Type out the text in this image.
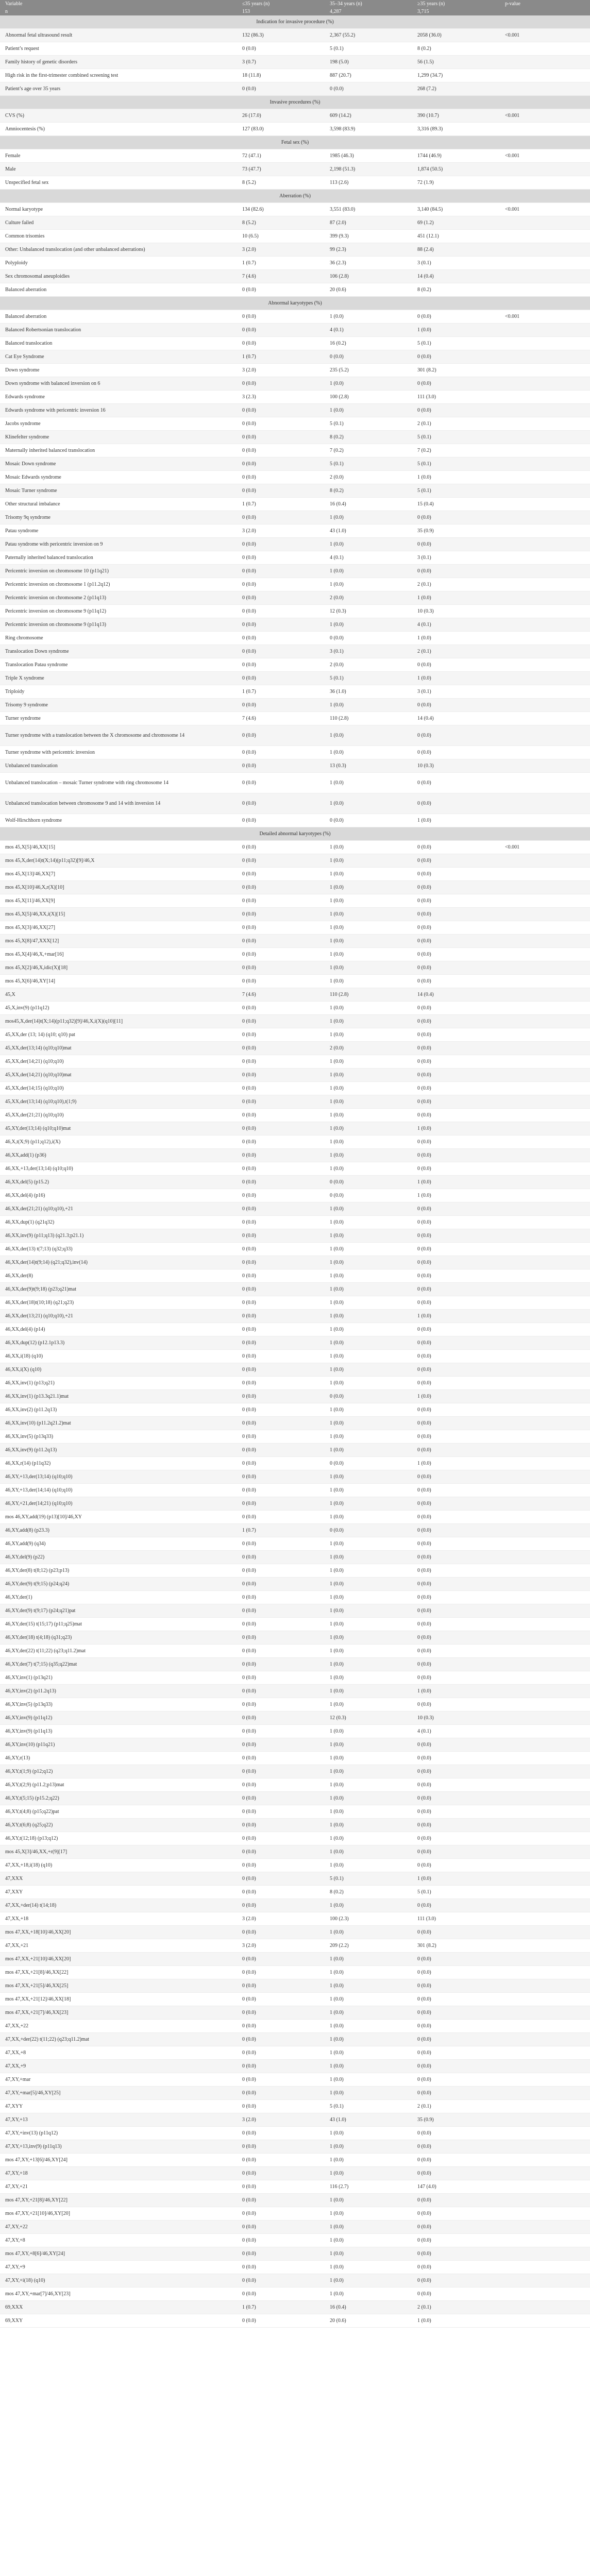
Variable	≤35 years (n)	35–34 years (n)	≥35 years (n)	p-value
n	153	4,287	3,715	
Indication for invasive procedure (%)				
Abnormal fetal ultrasound result	132 (86.3)	2,367 (55.2)	2058 (36.0)	<0.001
Patient’s request	0 (0.0)	5 (0.1)	8 (0.2)	
Family history of genetic disorders	3 (0.7)	198 (5.0)	56 (1.5)	
High risk in the first-trimester combined screening test	18 (11.8)	887 (20.7)	1,299 (34.7)	
Patient’s age over 35 years	0 (0.0)	0 (0.0)	268 (7.2)	
Invasive procedures (%)				
CVS (%)	26 (17.0)	609 (14.2)	390 (10.7)	<0.001
Amniocentesis (%)	127 (83.0)	3,598 (83.9)	3,316 (89.3)	
Fetal sex (%)				
Female	72 (47.1)	1985 (46.3)	1744 (46.9)	<0.001
Male	73 (47.7)	2,198 (51.3)	1,874 (50.5)	
Unspecified fetal sex	8 (5.2)	113 (2.6)	72 (1.9)	
Aberration (%)				
Normal karyotype	134 (82.6)	3,551 (83.0)	3,140 (84.5)	<0.001
Culture failed	8 (5.2)	87 (2.0)	69 (1.2)	
Common trisomies	10 (6.5)	399 (9.3)	451 (12.1)	
Other: Unbalanced translocation (and other unbalanced aberrations)	3 (2.0)	99 (2.3)	88 (2.4)	
Polyploidy	1 (0.7)	36 (2.3)	3 (0.1)	
Sex chromosomal aneuploidies	7 (4.6)	106 (2.8)	14 (0.4)	
Balanced aberration	0 (0.0)	20 (0.6)	8 (0.2)	
Abnormal karyotypes (%)				
Balanced aberration	0 (0.0)	1 (0.0)	0 (0.0)	<0.001
Balanced Robertsonian translocation	0 (0.0)	4 (0.1)	1 (0.0)	
Balanced translocation	0 (0.0)	16 (0.2)	5 (0.1)	
Cat Eye Syndrome	1 (0.7)	0 (0.0)	0 (0.0)	
Down syndrome	3 (2.0)	235 (5.2)	301 (8.2)	
Down syndrome with balanced inversion on 6	0 (0.0)	1 (0.0)	0 (0.0)	
Edwards syndrome	3 (2.3)	100 (2.8)	111 (3.0)	
Edwards syndrome with pericentric inversion 16	0 (0.0)	1 (0.0)	0 (0.0)	
Jacobs syndrome	0 (0.0)	5 (0.1)	2 (0.1)	
Klinefelter syndrome	0 (0.0)	8 (0.2)	5 (0.1)	
Maternally inherited balanced translocation	0 (0.0)	7 (0.2)	7 (0.2)	
Mosaic Down syndrome	0 (0.0)	5 (0.1)	5 (0.1)	
Mosaic Edwards syndrome	0 (0.0)	2 (0.0)	1 (0.0)	
Mosaic Turner syndrome	0 (0.0)	8 (0.2)	5 (0.1)	
Other structural imbalance	1 (0.7)	16 (0.4)	15 (0.4)	
Trisomy 9q syndrome	0 (0.0)	1 (0.0)	0 (0.0)	
Patau syndrome	3 (2.0)	43 (1.0)	35 (0.9)	
Patau syndrome with pericentric inversion on 9	0 (0.0)	1 (0.0)	0 (0.0)	
Paternally inherited balanced translocation	0 (0.0)	4 (0.1)	3 (0.1)	
Pericentric inversion on chromosome 10 (p11q21)	0 (0.0)	1 (0.0)	0 (0.0)	
Pericentric inversion on chromosome 1 (p11.2q12)	0 (0.0)	1 (0.0)	2 (0.1)	
Pericentric inversion on chromosome 2 (p11q13)	0 (0.0)	2 (0.0)	1 (0.0)	
Pericentric inversion on chromosome 9 (p11q12)	0 (0.0)	12 (0.3)	10 (0.3)	
Pericentric inversion on chromosome 9 (p11q13)	0 (0.0)	1 (0.0)	4 (0.1)	
Ring chromosome	0 (0.0)	0 (0.0)	1 (0.0)	
Translocation Down syndrome	0 (0.0)	3 (0.1)	2 (0.1)	
Translocation Patau syndrome	0 (0.0)	2 (0.0)	0 (0.0)	
Triple X syndrome	0 (0.0)	5 (0.1)	1 (0.0)	
Triploidy	1 (0.7)	36 (1.0)	3 (0.1)	
Trisomy 9 syndrome	0 (0.0)	1 (0.0)	0 (0.0)	
Turner syndrome	7 (4.6)	110 (2.8)	14 (0.4)	
Turner syndrome with a translocation between the X chromosome and chromosome 14	0 (0.0)	1 (0.0)	0 (0.0)	
Turner syndrome with pericentric inversion	0 (0.0)	1 (0.0)	0 (0.0)	
Unbalanced translocation	0 (0.0)	13 (0.3)	10 (0.3)	
Unbalanced translocation – mosaic Turner syndrome with ring chromosome 14	0 (0.0)	1 (0.0)	0 (0.0)	
Unbalanced translocation between chromosome 9 and 14 with inversion 14	0 (0.0)	1 (0.0)	0 (0.0)	
Wolf-Hirschhorn syndrome	0 (0.0)	0 (0.0)	1 (0.0)	
Detailed abnormal karyotypes (%)				
mos 45,X[5]/46,XX[15]	0 (0.0)	1 (0.0)	0 (0.0)	<0.001
mos 45,X,der(14)t(X;14)(p11;q32)[9]/46,X	0 (0.0)	1 (0.0)	0 (0.0)	
mos 45,X[13]/46,XX[7]	0 (0.0)	1 (0.0)	0 (0.0)	
mos 45,X[10]/46,X,r(X)[10]	0 (0.0)	1 (0.0)	0 (0.0)	
mos 45,X[11]/46,XX[9]	0 (0.0)	1 (0.0)	0 (0.0)	
mos 45,X[5]/46,XX,i(X)[15]	0 (0.0)	1 (0.0)	0 (0.0)	
mos 45,X[3]/46,XX[27]	0 (0.0)	1 (0.0)	0 (0.0)	
mos 45,X[8]/47,XXX[12]	0 (0.0)	1 (0.0)	0 (0.0)	
mos 45,X[4]/46,X,+mar[16]	0 (0.0)	1 (0.0)	0 (0.0)	
mos 45,X[2]/46,X,idic(X)[18]	0 (0.0)	1 (0.0)	0 (0.0)	
mos 45,X[6]/46,XY[14]	0 (0.0)	1 (0.0)	0 (0.0)	
45,X	7 (4.6)	110 (2.8)	14 (0.4)	
45,X,inv(9) (p11q12)	0 (0.0)	1 (0.0)	0 (0.0)	
mos45,X,der(14)t(X;14)(p11;q32)[9]/46,X,i(X)(q10)[11]	0 (0.0)	1 (0.0)	0 (0.0)	
45,XX,der (13; 14) (q10; q10) pat	0 (0.0)	1 (0.0)	0 (0.0)	
45,XX,der(13;14) (q10;q10)mat	0 (0.0)	2 (0.0)	0 (0.0)	
45,XX,der(14;21) (q10;q10)	0 (0.0)	1 (0.0)	0 (0.0)	
45,XX,der(14;21) (q10;q10)mat	0 (0.0)	1 (0.0)	0 (0.0)	
45,XX,der(14;15) (q10;q10)	0 (0.0)	1 (0.0)	0 (0.0)	
45,XX,der(13;14) (q10;q10),t(1;9)	0 (0.0)	1 (0.0)	0 (0.0)	
45,XX,der(21;21) (q10;q10)	0 (0.0)	1 (0.0)	0 (0.0)	
45,XY,der(13;14) (q10;q10)mat	0 (0.0)	1 (0.0)	1 (0.0)	
46,X,t(X;9) (p11;q12),i(X)	0 (0.0)	1 (0.0)	0 (0.0)	
46,XX,add(1) (p36)	0 (0.0)	1 (0.0)	0 (0.0)	
46,XX,+13,der(13;14) (q10;q10)	0 (0.0)	1 (0.0)	0 (0.0)	
46,XX,del(5) (p15.2)	0 (0.0)	0 (0.0)	1 (0.0)	
46,XX,del(4) (p16)	0 (0.0)	0 (0.0)	1 (0.0)	
46,XX,der(21;21) (q10;q10),+21	0 (0.0)	1 (0.0)	0 (0.0)	
46,XX,dup(1) (q21q32)	0 (0.0)	1 (0.0)	0 (0.0)	
46,XX,inv(9) (p11;q13) (q21.3;p21.1)	0 (0.0)	1 (0.0)	0 (0.0)	
46,XX,der(13) t(7;13) (q32;q33)	0 (0.0)	1 (0.0)	0 (0.0)	
46,XX,der(14)t(9;14) (q21;q32),inv(14)	0 (0.0)	1 (0.0)	0 (0.0)	
46,XX,der(8)	0 (0.0)	1 (0.0)	0 (0.0)	
46,XX,der(9)t(9;18) (p23;q21)mat	0 (0.0)	1 (0.0)	0 (0.0)	
46,XX,der(18)t(10;18) (q21;q23)	0 (0.0)	1 (0.0)	0 (0.0)	
46,XX,der(13;21) (q10;q10),+21	0 (0.0)	1 (0.0)	1 (0.0)	
46,XX,del(4) (p14)	0 (0.0)	1 (0.0)	0 (0.0)	
46,XX,dup(12) (p12.1p13.3)	0 (0.0)	1 (0.0)	0 (0.0)	
46,XX,i(18) (q10)	0 (0.0)	1 (0.0)	0 (0.0)	
46,XX,i(X) (q10)	0 (0.0)	1 (0.0)	0 (0.0)	
46,XX,inv(1) (p13;q21)	0 (0.0)	1 (0.0)	0 (0.0)	
46,XX,inv(1) (p13.3q21.1)mat	0 (0.0)	0 (0.0)	1 (0.0)	
46,XX,inv(2) (p11.2q13)	0 (0.0)	1 (0.0)	0 (0.0)	
46,XX,inv(10) (p11.2q21.2)mat	0 (0.0)	1 (0.0)	0 (0.0)	
46,XX,inv(5) (p13q33)	0 (0.0)	1 (0.0)	0 (0.0)	
46,XX,inv(9) (p11.2q13)	0 (0.0)	1 (0.0)	0 (0.0)	
46,XX,r(14) (p11q32)	0 (0.0)	0 (0.0)	1 (0.0)	
46,XY,+13,der(13;14) (q10;q10)	0 (0.0)	1 (0.0)	0 (0.0)	
46,XY,+13,der(14;14) (q10;q10)	0 (0.0)	1 (0.0)	0 (0.0)	
46,XY,+21,der(14;21) (q10;q10)	0 (0.0)	1 (0.0)	0 (0.0)	
mos 46,XY,add(19) (p13)[10]/46,XY	0 (0.0)	1 (0.0)	0 (0.0)	
46,XY,add(8) (p23.3)	1 (0.7)	0 (0.0)	0 (0.0)	
46,XY,add(9) (q34)	0 (0.0)	1 (0.0)	0 (0.0)	
46,XY,del(9) (p22)	0 (0.0)	1 (0.0)	0 (0.0)	
46,XY,der(8) t(8;12) (p23;p13)	0 (0.0)	1 (0.0)	0 (0.0)	
46,XY,der(9) t(9;15) (p24;q24)	0 (0.0)	1 (0.0)	0 (0.0)	
46,XY,der(1)	0 (0.0)	1 (0.0)	0 (0.0)	
46,XY,der(9) t(9;17) (p24;q21)pat	0 (0.0)	1 (0.0)	0 (0.0)	
46,XY,der(15) t(15;17) (p11;q25)mat	0 (0.0)	1 (0.0)	0 (0.0)	
46,XY,der(18) t(4;18) (q31;q23)	0 (0.0)	1 (0.0)	0 (0.0)	
46,XY,der(22) t(11;22) (q23;q11.2)mat	0 (0.0)	1 (0.0)	0 (0.0)	
46,XY,der(7) t(7;15) (q35;q22)mat	0 (0.0)	1 (0.0)	0 (0.0)	
46,XY,inv(1) (p13q21)	0 (0.0)	1 (0.0)	0 (0.0)	
46,XY,inv(2) (p11.2q13)	0 (0.0)	1 (0.0)	1 (0.0)	
46,XY,inv(5) (p13q33)	0 (0.0)	1 (0.0)	0 (0.0)	
46,XY,inv(9) (p11q12)	0 (0.0)	12 (0.3)	10 (0.3)	
46,XY,inv(9) (p11q13)	0 (0.0)	1 (0.0)	4 (0.1)	
46,XY,inv(10) (p11q21)	0 (0.0)	1 (0.0)	0 (0.0)	
46,XY,r(13)	0 (0.0)	1 (0.0)	0 (0.0)	
46,XY,t(1;9) (p12;q12)	0 (0.0)	1 (0.0)	0 (0.0)	
46,XY,t(2;9) (p11.2;p13)mat	0 (0.0)	1 (0.0)	0 (0.0)	
46,XY,t(5;15) (p15.2;q22)	0 (0.0)	1 (0.0)	0 (0.0)	
46,XY,t(4;8) (p15;q22)pat	0 (0.0)	1 (0.0)	0 (0.0)	
46,XY,t(6;8) (q25;q22)	0 (0.0)	1 (0.0)	0 (0.0)	
46,XY,t(12;18) (p13;q12)	0 (0.0)	1 (0.0)	0 (0.0)	
mos 45,X[3]/46,XX,+r(9)[17]	0 (0.0)	1 (0.0)	0 (0.0)	
47,XX,+18,i(18) (q10)	0 (0.0)	1 (0.0)	0 (0.0)	
47,XXX	0 (0.0)	5 (0.1)	1 (0.0)	
47,XXY	0 (0.0)	8 (0.2)	5 (0.1)	
47,XX,+der(14) t(14;18)	0 (0.0)	1 (0.0)	0 (0.0)	
47,XX,+18	3 (2.0)	100 (2.3)	111 (3.0)	
mos 47,XX,+18[10]/46,XX[20]	0 (0.0)	1 (0.0)	0 (0.0)	
47,XX,+21	3 (2.0)	209 (2.2)	301 (8.2)	
mos 47,XX,+21[10]/46,XX[20]	0 (0.0)	1 (0.0)	0 (0.0)	
mos 47,XX,+21[8]/46,XX[22]	0 (0.0)	1 (0.0)	0 (0.0)	
mos 47,XX,+21[5]/46,XX[25]	0 (0.0)	1 (0.0)	0 (0.0)	
mos 47,XX,+21[12]/46,XX[18]	0 (0.0)	1 (0.0)	0 (0.0)	
mos 47,XX,+21[7]/46,XX[23]	0 (0.0)	1 (0.0)	0 (0.0)	
47,XX,+22	0 (0.0)	1 (0.0)	0 (0.0)	
47,XX,+der(22) t(11;22) (q23;q11.2)mat	0 (0.0)	1 (0.0)	0 (0.0)	
47,XX,+8	0 (0.0)	1 (0.0)	0 (0.0)	
47,XX,+9	0 (0.0)	1 (0.0)	0 (0.0)	
47,XY,+mar	0 (0.0)	1 (0.0)	0 (0.0)	
47,XY,+mar[5]/46,XY[25]	0 (0.0)	1 (0.0)	0 (0.0)	
47,XYY	0 (0.0)	5 (0.1)	2 (0.1)	
47,XY,+13	3 (2.0)	43 (1.0)	35 (0.9)	
47,XY,+inv(13) (p11q12)	0 (0.0)	1 (0.0)	0 (0.0)	
47,XY,+13,inv(9) (p11q13)	0 (0.0)	1 (0.0)	0 (0.0)	
mos 47,XY,+13[6]/46,XY[24]	0 (0.0)	1 (0.0)	0 (0.0)	
47,XY,+18	0 (0.0)	1 (0.0)	0 (0.0)	
47,XY,+21	0 (0.0)	116 (2.7)	147 (4.0)	
mos 47,XY,+21[8]/46,XY[22]	0 (0.0)	1 (0.0)	0 (0.0)	
mos 47,XY,+21[10]/46,XY[20]	0 (0.0)	1 (0.0)	0 (0.0)	
47,XY,+22	0 (0.0)	1 (0.0)	0 (0.0)	
47,XY,+8	0 (0.0)	1 (0.0)	0 (0.0)	
mos 47,XY,+8[6]/46,XY[24]	0 (0.0)	1 (0.0)	0 (0.0)	
47,XY,+9	0 (0.0)	1 (0.0)	0 (0.0)	
47,XY,+i(18) (q10)	0 (0.0)	1 (0.0)	0 (0.0)	
mos 47,XY,+mar[7]/46,XY[23]	0 (0.0)	1 (0.0)	0 (0.0)	
69,XXX	1 (0.7)	16 (0.4)	2 (0.1)	
69,XXY	0 (0.0)	20 (0.6)	1 (0.0)	
